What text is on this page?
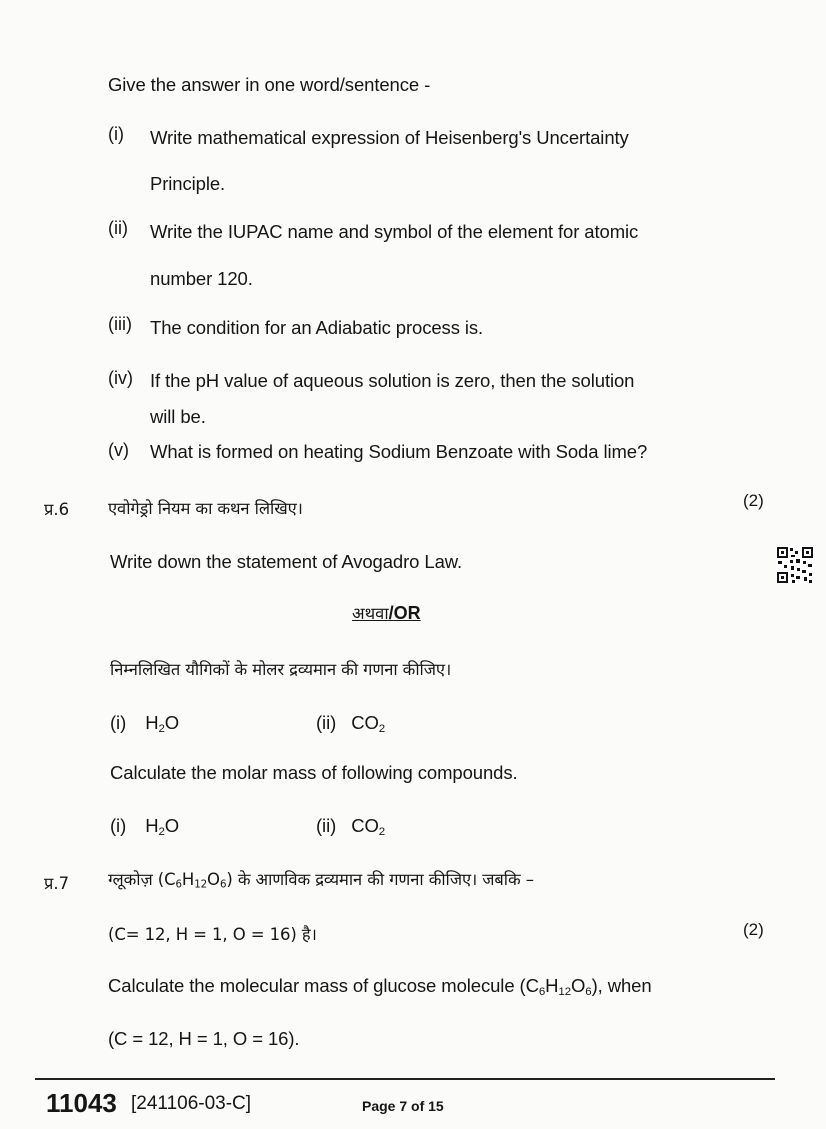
Give the answer in one word/sentence -
(i) Write mathematical expression of Heisenberg's Uncertainty
Principle.
(ii) Write the IUPAC name and symbol of the element for atomic
number 120.
(iii) The condition for an Adiabatic process is.
(iv) If the pH value of aqueous solution is zero, then the solution
will be.
(v) What is formed on heating Sodium Benzoate with Soda lime?
प्र.6 एवोगेड्रो नियम का कथन लिखिए।	(2)
Write down the statement of Avogadro Law.
अथवा/OR
निम्नलिखित यौगिकों के मोलर द्रव्यमान की गणना कीजिए।
(i) $H_2O$	(ii) $CO_2$
Calculate the molar mass of following compounds.
(i) $H_2O$	(ii) $CO_2$
प्र.7 ग्लूकोज़ $(C_6H_{12}O_6)$ के आणविक द्रव्यमान की गणना कीजिए। जबकि –
(C= 12, H = 1, O = 16) है।	(2)
Calculate the molecular mass of glucose molecule $(C_6H_{12}O_6)$, when
(C = 12, H = 1, O = 16).
11043 [241106-03-C]	Page 7 of 15
